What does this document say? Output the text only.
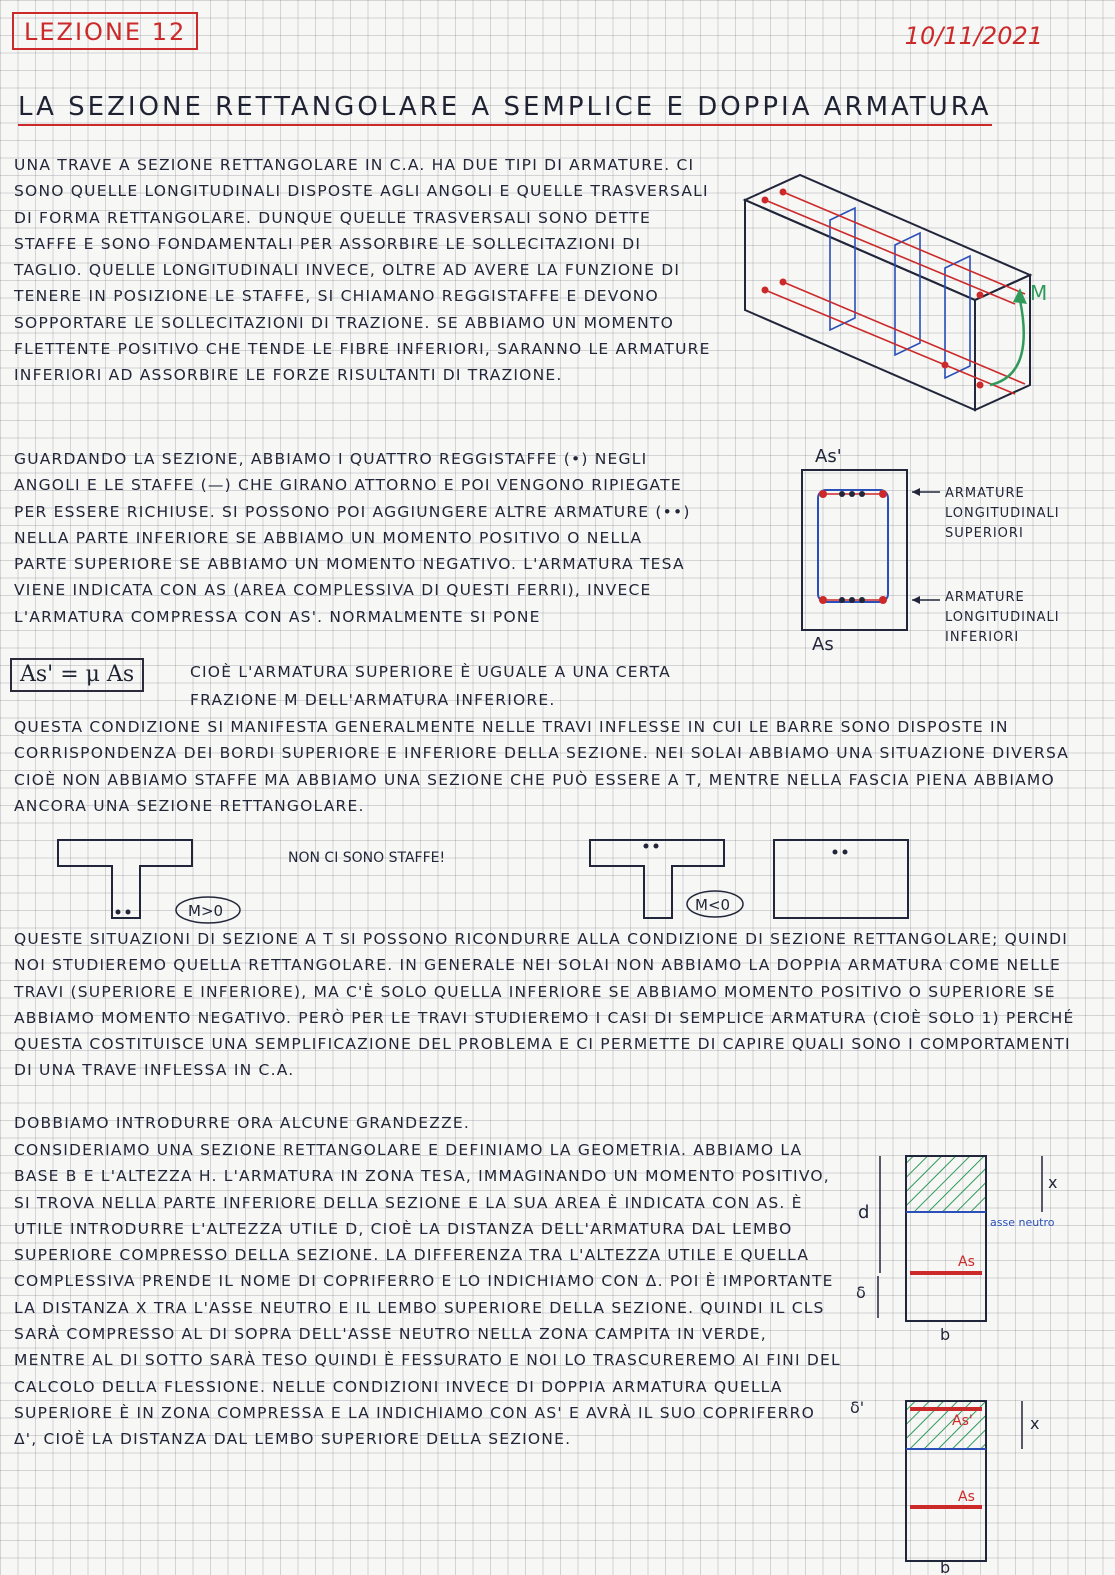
LEZIONE 12	10/11/2021
LA SEZIONE RETTANGOLARE A SEMPLICE E DOPPIA ARMATURA

UNA TRAVE A SEZIONE RETTANGOLARE IN C.A. HA DUE TIPI DI ARMATURE. CI SONO QUELLE LONGITUDINALI DISPOSTE AGLI ANGOLI E QUELLE TRASVERSALI DI FORMA RETTANGOLARE. DUNQUE QUELLE TRASVERSALI SONO DETTE STAFFE E SONO FONDAMENTALI PER ASSORBIRE LE SOLLECITAZIONI DI TAGLIO. QUELLE LONGITUDINALI INVECE, OLTRE AD AVERE LA FUNZIONE DI TENERE IN POSIZIONE LE STAFFE, SI CHIAMANO REGGISTAFFE E DEVONO SOPPORTARE LE SOLLECITAZIONI DI TRAZIONE. SE ABBIAMO UN MOMENTO FLETTENTE POSITIVO CHE TENDE LE FIBRE INFERIORI, SARANNO LE ARMATURE INFERIORI AD ASSORBIRE LE FORZE RISULTANTI DI TRAZIONE.

M

GUARDANDO LA SEZIONE, ABBIAMO I QUATTRO REGGISTAFFE (•) NEGLI ANGOLI E LE STAFFE (—) CHE GIRANO ATTORNO E POI VENGONO RIPIEGATE PER ESSERE RICHIUSE. SI POSSONO POI AGGIUNGERE ALTRE ARMATURE (••) NELLA PARTE INFERIORE SE ABBIAMO UN MOMENTO POSITIVO O NELLA PARTE SUPERIORE SE ABBIAMO UN MOMENTO NEGATIVO. L'ARMATURA TESA VIENE INDICATA CON AS (AREA COMPLESSIVA DI QUESTI FERRI), INVECE L'ARMATURA COMPRESSA CON AS'. NORMALMENTE SI PONE

As' = μ As	CIOÈ L'ARMATURA SUPERIORE È UGUALE A UNA CERTA FRAZIONE Μ DELL'ARMATURA INFERIORE.

As'
As
ARMATURE LONGITUDINALI SUPERIORI
ARMATURE LONGITUDINALI INFERIORI

QUESTA CONDIZIONE SI MANIFESTA GENERALMENTE NELLE TRAVI INFLESSE IN CUI LE BARRE SONO DISPOSTE IN CORRISPONDENZA DEI BORDI SUPERIORE E INFERIORE DELLA SEZIONE. NEI SOLAI ABBIAMO UNA SITUAZIONE DIVERSA CIOÈ NON ABBIAMO STAFFE MA ABBIAMO UNA SEZIONE CHE PUÒ ESSERE A T, MENTRE NELLA FASCIA PIENA ABBIAMO ANCORA UNA SEZIONE RETTANGOLARE.

M>0	M<0
NON CI SONO STAFFE!

QUESTE SITUAZIONI DI SEZIONE A T SI POSSONO RICONDURRE ALLA CONDIZIONE DI SEZIONE RETTANGOLARE; QUINDI NOI STUDIEREMO QUELLA RETTANGOLARE. IN GENERALE NEI SOLAI NON ABBIAMO LA DOPPIA ARMATURA COME NELLE TRAVI (SUPERIORE E INFERIORE), MA C'È SOLO QUELLA INFERIORE SE ABBIAMO MOMENTO POSITIVO O SUPERIORE SE ABBIAMO MOMENTO NEGATIVO. PERÒ PER LE TRAVI STUDIEREMO I CASI DI SEMPLICE ARMATURA (CIOÈ SOLO 1) PERCHÉ QUESTA COSTITUISCE UNA SEMPLIFICAZIONE DEL PROBLEMA E CI PERMETTE DI CAPIRE QUALI SONO I COMPORTAMENTI DI UNA TRAVE INFLESSA IN C.A.

DOBBIAMO INTRODURRE ORA ALCUNE GRANDEZZE.

CONSIDERIAMO UNA SEZIONE RETTANGOLARE E DEFINIAMO LA GEOMETRIA. ABBIAMO LA BASE B E L'ALTEZZA H. L'ARMATURA IN ZONA TESA, IMMAGINANDO UN MOMENTO POSITIVO, SI TROVA NELLA PARTE INFERIORE DELLA SEZIONE E LA SUA AREA È INDICATA CON AS. È UTILE INTRODURRE L'ALTEZZA UTILE D, CIOÈ LA DISTANZA DELL'ARMATURA DAL LEMBO SUPERIORE COMPRESSO DELLA SEZIONE. LA DIFFERENZA TRA L'ALTEZZA UTILE E QUELLA COMPLESSIVA PRENDE IL NOME DI COPRIFERRO E LO INDICHIAMO CON Δ. POI È IMPORTANTE LA DISTANZA X TRA L'ASSE NEUTRO E IL LEMBO SUPERIORE DELLA SEZIONE. QUINDI IL CLS SARÀ COMPRESSO AL DI SOPRA DELL'ASSE NEUTRO NELLA ZONA CAMPITA IN VERDE, MENTRE AL DI SOTTO SARÀ TESO QUINDI È FESSURATO E NOI LO TRASCUREREMO AI FINI DEL CALCOLO DELLA FLESSIONE. NELLE CONDIZIONI INVECE DI DOPPIA ARMATURA QUELLA SUPERIORE È IN ZONA COMPRESSA E LA INDICHIAMO CON AS' E AVRÀ IL SUO COPRIFERRO Δ', CIOÈ LA DISTANZA DAL LEMBO SUPERIORE DELLA SEZIONE.

As
d
δ
x
asse neutro
b
As'
As
δ'
x
b
